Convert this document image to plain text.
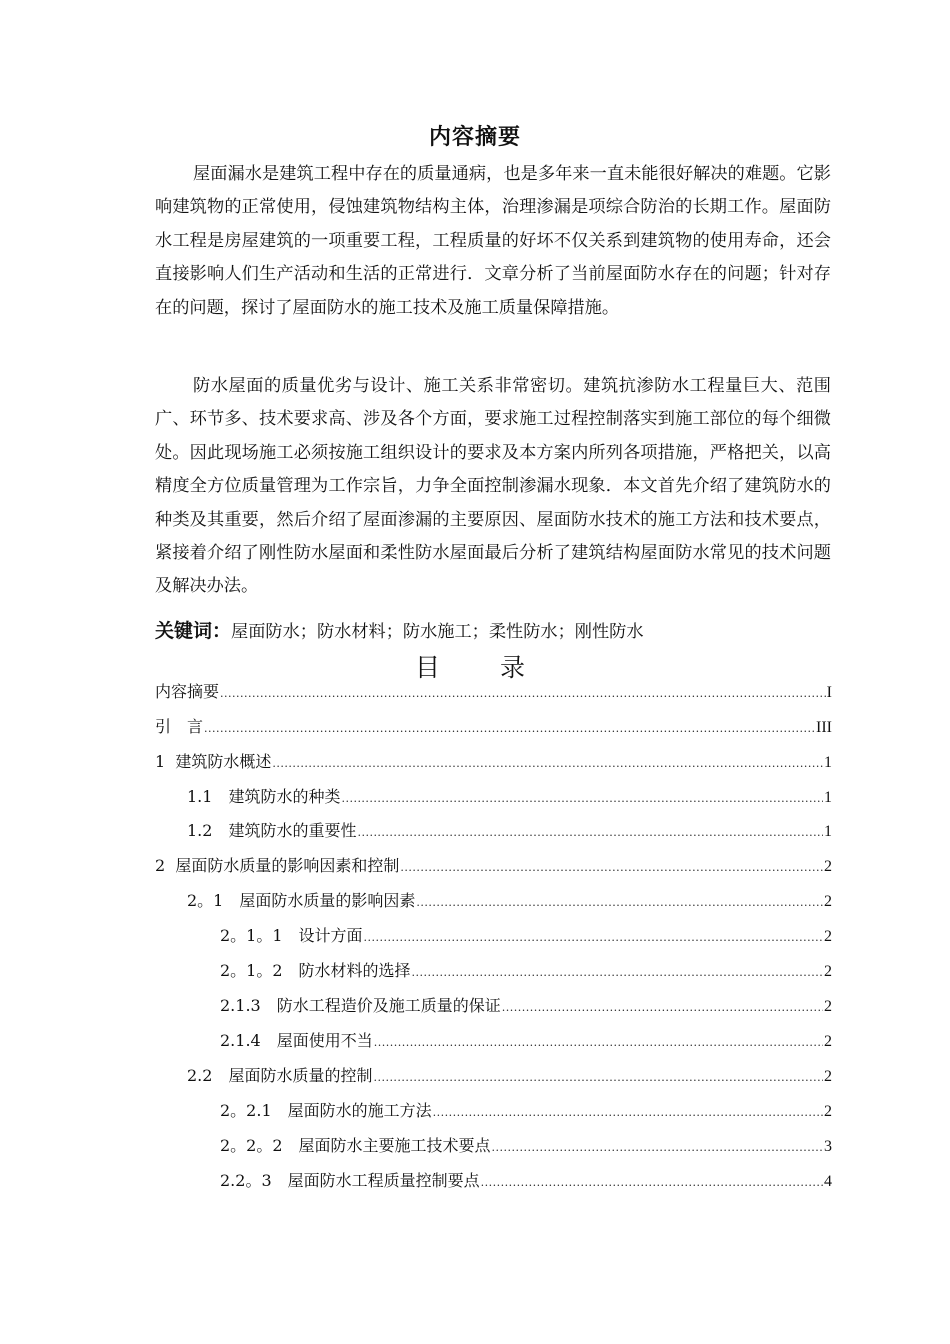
内容摘要

屋面漏水是建筑工程中存在的质量通病，也是多年来一直未能很好解决的难题。它影响建筑物的正常使用，侵蚀建筑物结构主体，治理渗漏是项综合防治的长期工作。屋面防水工程是房屋建筑的一项重要工程，工程质量的好坏不仅关系到建筑物的使用寿命，还会直接影响人们生产活动和生活的正常进行．文章分析了当前屋面防水存在的问题；针对存在的问题，探讨了屋面防水的施工技术及施工质量保障措施。

防水屋面的质量优劣与设计、施工关系非常密切。建筑抗渗防水工程量巨大、范围广、环节多、技术要求高、涉及各个方面，要求施工过程控制落实到施工部位的每个细微处。因此现场施工必须按施工组织设计的要求及本方案内所列各项措施，严格把关，以高精度全方位质量管理为工作宗旨，力争全面控制渗漏水现象．本文首先介绍了建筑防水的种类及其重要，然后介绍了屋面渗漏的主要原因、屋面防水技术的施工方法和技术要点，紧接着介绍了刚性防水屋面和柔性防水屋面最后分析了建筑结构屋面防水常见的技术问题及解决办法。

关键词：屋面防水；防水材料；防水施工；柔性防水；刚性防水
目录
内容摘要 .....	I
引　言 .....	III
1  建筑防水概述 .....	1
1.1　建筑防水的种类 .....	1
1.2　建筑防水的重要性 .....	1
2  屋面防水质量的影响因素和控制 .....	2
2。1　屋面防水质量的影响因素 .....	2
2。1。1　设计方面 .....	2
2。1。2　防水材料的选择 .....	2
2.1.3　防水工程造价及施工质量的保证 .....	2
2.1.4　屋面使用不当 .....	2
2.2　屋面防水质量的控制 .....	2
2。2.1　屋面防水的施工方法 .....	2
2。2。2　屋面防水主要施工技术要点 .....	3
2.2。3　屋面防水工程质量控制要点 .....	4
